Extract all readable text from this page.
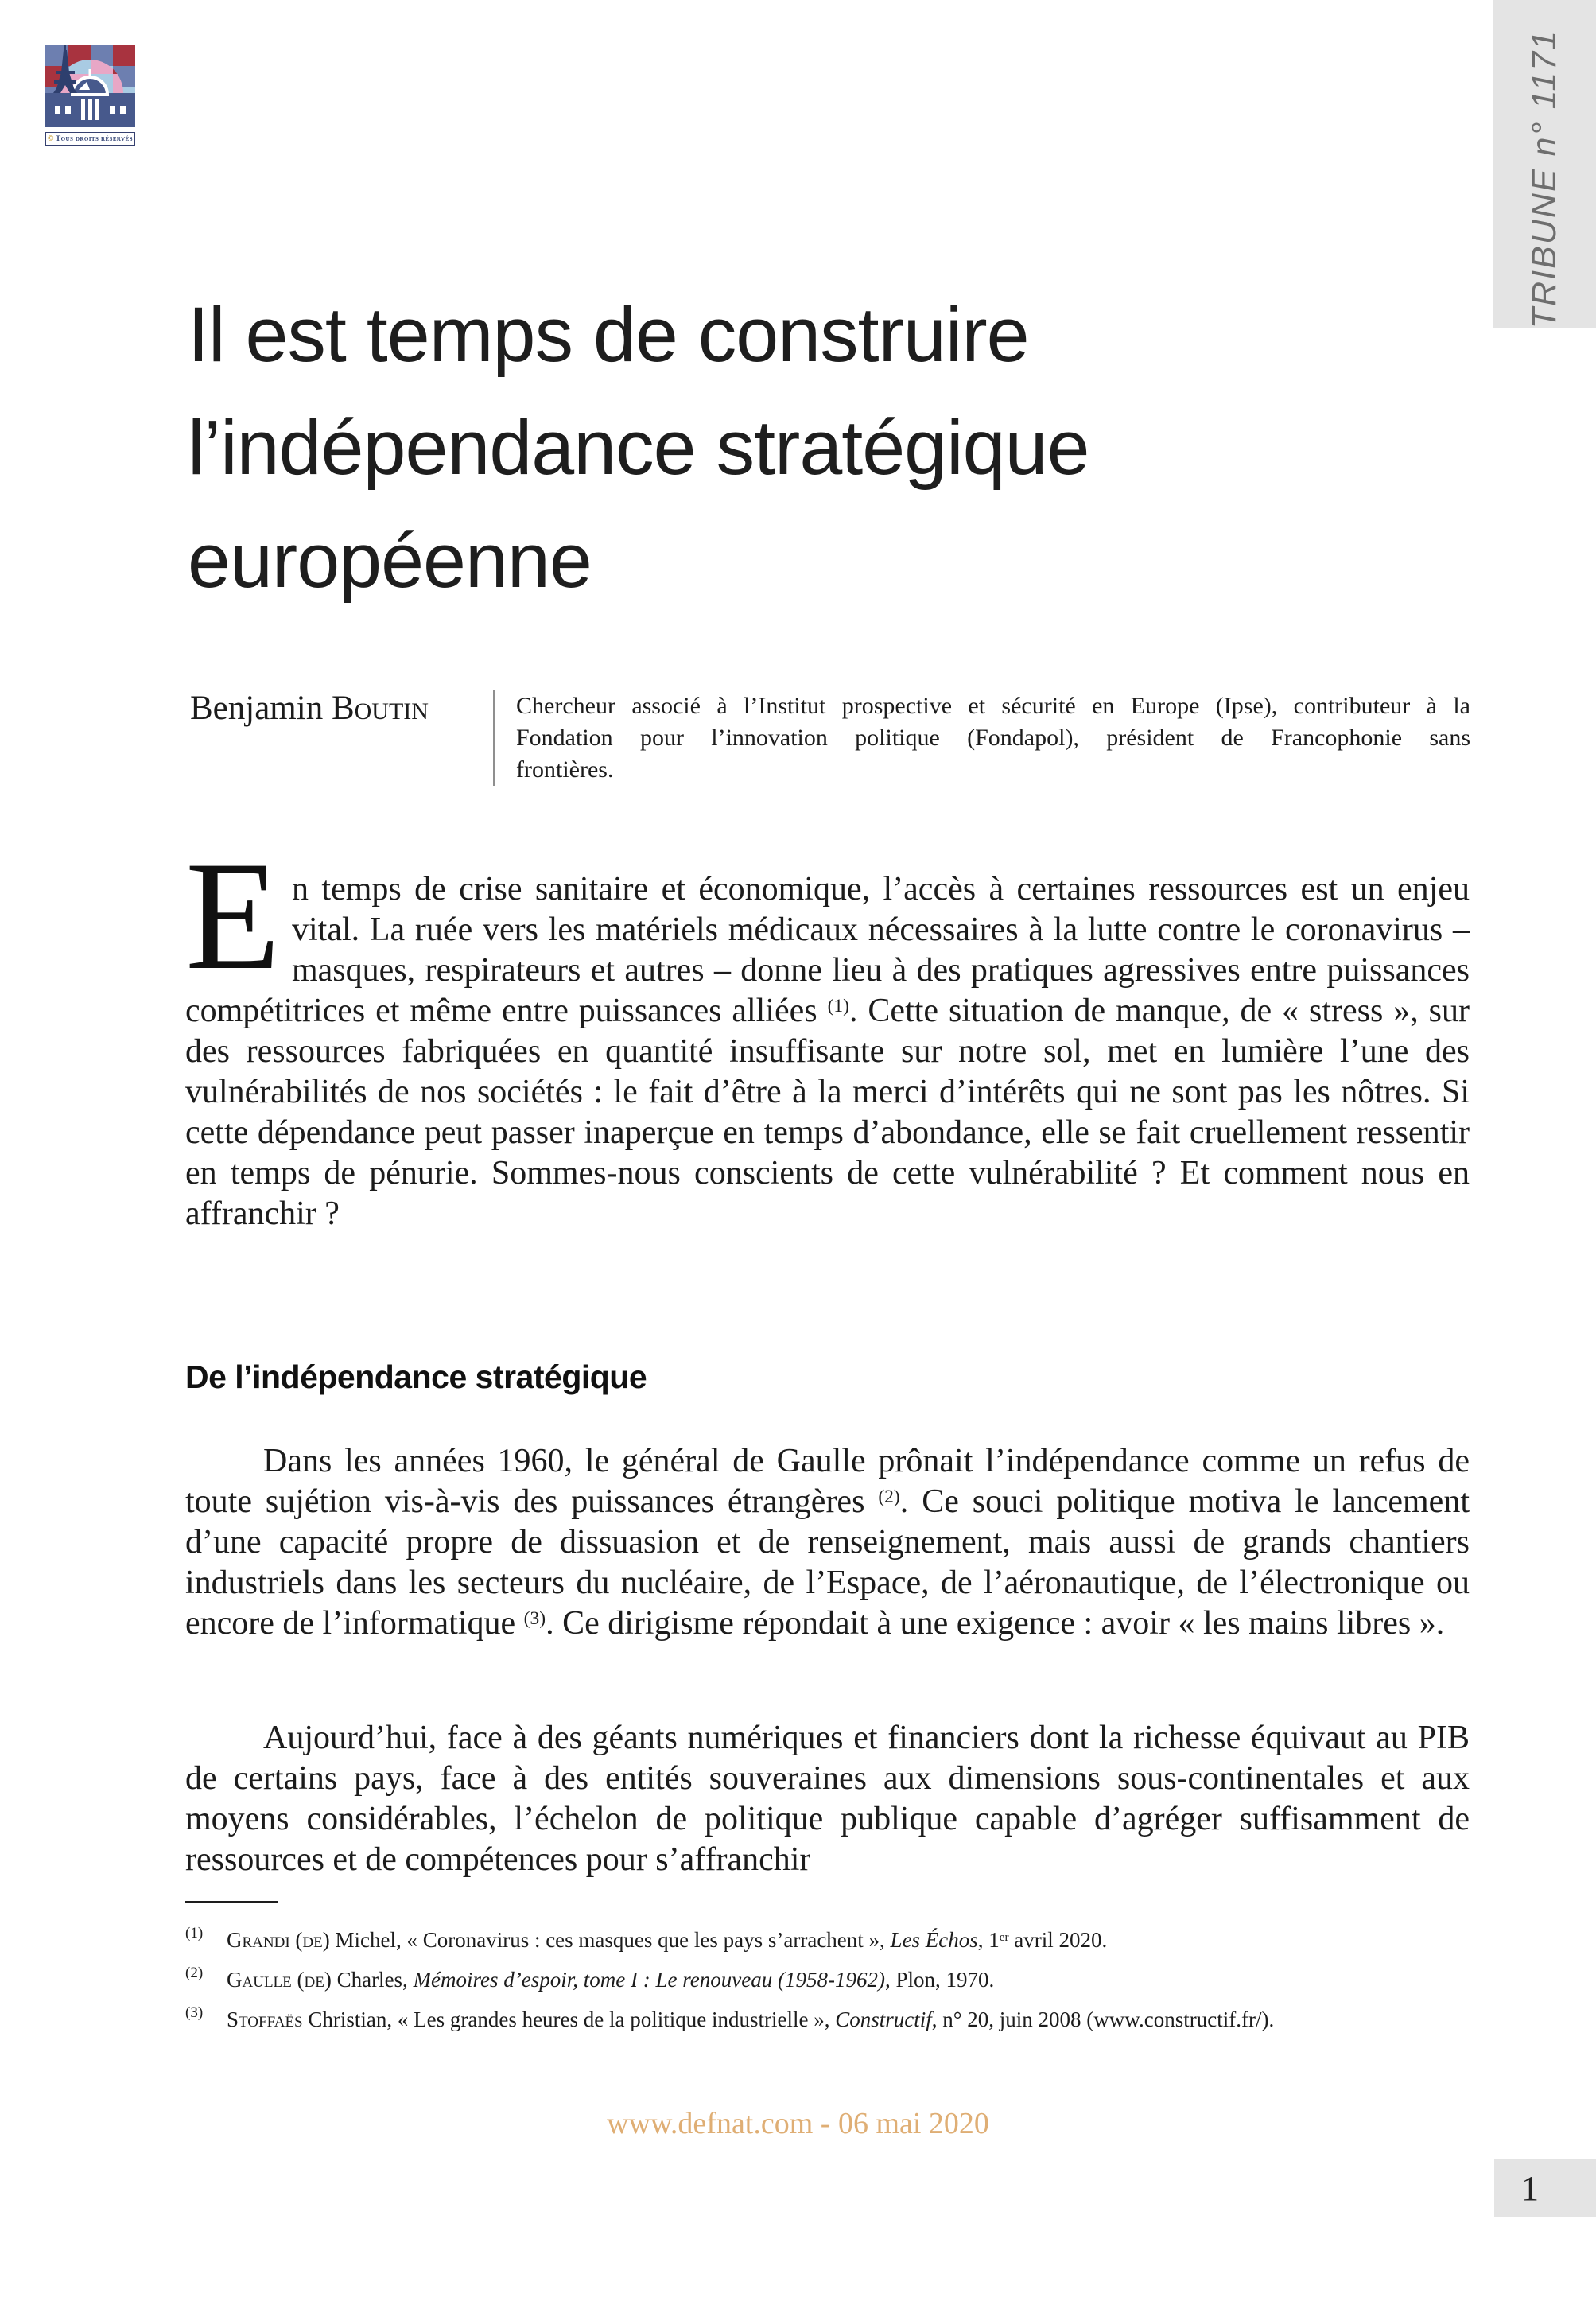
© Tous droits réservés	TRIBUNE n° 1171
Il est temps de construire
l’indépendance stratégique
européenne
Benjamin Boutin	Chercheur associé à l’Institut prospective et sécurité en Europe (Ipse), contributeur à la
Fondation pour l’innovation politique (Fondapol), président de Francophonie sans
frontières.
En temps de crise sanitaire et économique, l’accès à certaines ressources est un enjeu vital. La ruée vers les matériels médicaux nécessaires à la lutte contre le coronavirus – masques, respirateurs et autres – donne lieu à des pratiques agressives entre puissances compétitrices et même entre puissances alliées $^{(1)}$. Cette situation de manque, de « stress », sur des ressources fabriquées en quantité insuffisante sur notre sol, met en lumière l’une des vulnérabilités de nos sociétés : le fait d’être à la merci d’intérêts qui ne sont pas les nôtres. Si cette dépendance peut passer inaperçue en temps d’abondance, elle se fait cruellement ressentir en temps de pénurie. Sommes-nous conscients de cette vulnérabilité ? Et comment nous en affranchir ?
De l’indépendance stratégique
Dans les années 1960, le général de Gaulle prônait l’indépendance comme un refus de toute sujétion vis-à-vis des puissances étrangères $^{(2)}$. Ce souci politique motiva le lancement d’une capacité propre de dissuasion et de renseignement, mais aussi de grands chantiers industriels dans les secteurs du nucléaire, de l’Espace, de l’aéronautique, de l’électronique ou encore de l’informatique $^{(3)}$. Ce dirigisme répondait à une exigence : avoir « les mains libres ».
Aujourd’hui, face à des géants numériques et financiers dont la richesse équivaut au PIB de certains pays, face à des entités souveraines aux dimensions sous-continentales et aux moyens considérables, l’échelon de politique publique capable d’agréger suffisamment de ressources et de compétences pour s’affranchir
(1) Grandi (de) Michel, « Coronavirus : ces masques que les pays s’arrachent », Les Échos, 1er avril 2020.
(2) Gaulle (de) Charles, Mémoires d’espoir, tome I : Le renouveau (1958-1962), Plon, 1970.
(3) Stoffaës Christian, « Les grandes heures de la politique industrielle », Constructif, n° 20, juin 2008 (www.constructif.fr/).
www.defnat.com - 06 mai 2020
1
